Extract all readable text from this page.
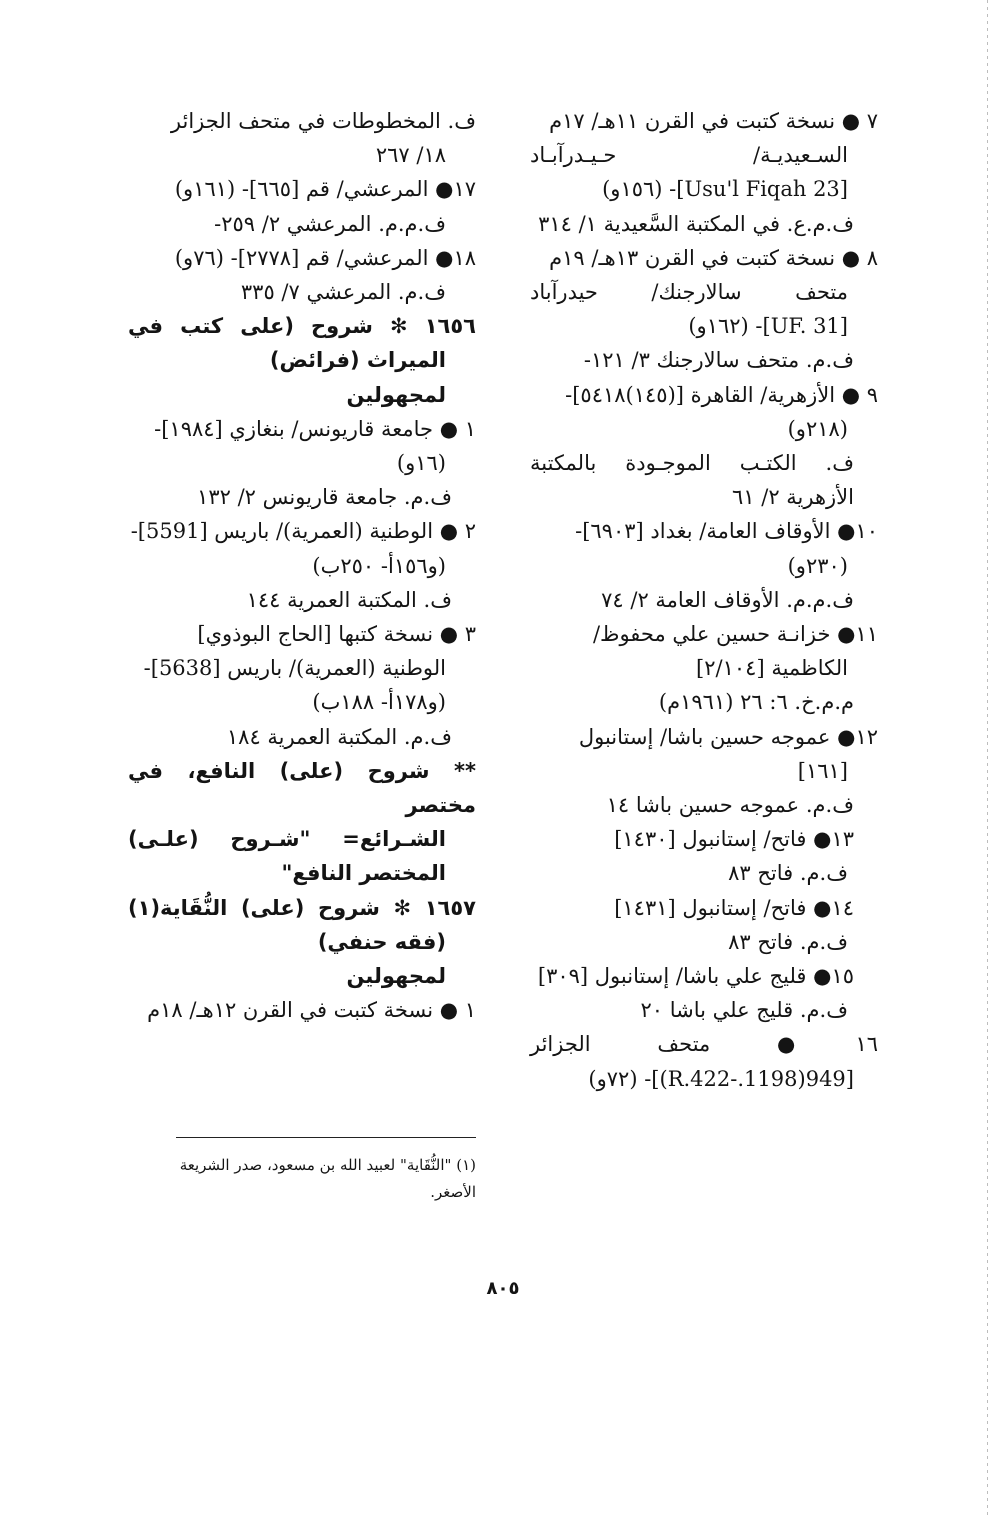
٧ ● نسخة كتبت في القرن ١١هـ/ ١٧م
السـعيديـة/ حـيـدرآبـاد
[Usu'l Fiqah 23]- (١٥٦و)
ف.م.ع. في المكتبة السَّعيدية ١/ ٣١٤
٨ ● نسخة كتبت في القرن ١٣هـ/ ١٩م
متحف سالارجنك/ حيدرآباد
[UF. 31]- (١٦٢و)
ف.م. متحف سالارجنك ٣/ ١٢١-
٩ ● الأزهرية/ القاهرة [(١٤٥)٥٤١٨]-
(٢١٨و)
ف. الكتـب الموجـودة بالمكتبة
الأزهرية ٢/ ٦١
١٠● الأوقاف العامة/ بغداد [٦٩٠٣]-
(٢٣٠و)
ف.م.م. الأوقاف العامة ٢/ ٧٤
١١● خزانـة حسين علي محفوظ/
الكاظمية [٢/١٠٤]
م.م.خ. ٦: ٢٦ (١٩٦١م)
١٢● عموجه حسين باشا/ إستانبول
[١٦١]
ف.م. عموجه حسين باشا ١٤
١٣● فاتح/ إستانبول [١٤٣٠]
ف.م. فاتح ٨٣
١٤● فاتح/ إستانبول [١٤٣١]
ف.م. فاتح ٨٣
١٥● قليج علي باشا/ إستانبول [٣٠٩]
ف.م. قليج علي باشا ٢٠
١٦● متحف الجزائر
[949(1198.-R.422)]- (٧٢و)
ف. المخطوطات في متحف الجزائر
١٨/ ٢٦٧
١٧● المرعشي/ قم [٦٦٥]- (١٦١و)
ف.م.م. المرعشي ٢/ ٢٥٩-
١٨● المرعشي/ قم [٢٧٧٨]- (٧٦و)
ف.م. المرعشي ٧/ ٣٣٥
١٦٥٦ ✻ شروح (على كتب في
الميراث (فرائض)
لمجهولين
١ ● جامعة قاريونس/ بنغازي [١٩٨٤]-
(١٦و)
ف.م. جامعة قاريونس ٢/ ١٣٢
٢ ● الوطنية (العمرية)/ باريس [5591]-
(و١٥٦أ- ٢٥٠ب)
ف. المكتبة العمرية ١٤٤
٣ ● نسخة كتبها [الحاج البوذوي]
الوطنية (العمرية)/ باريس [5638]-
(و١٧٨أ- ١٨٨ب)
ف.م. المكتبة العمرية ١٨٤
** شروح (على) النافع، في مختصر
الشـرائع= "شـروح (علـى)
المختصر النافع"
١٦٥٧ ✻ شروح (على) النُّقَاية(١)
(فقه حنفي)
لمجهولين
١ ● نسخة كتبت في القرن ١٢هـ/ ١٨م
(١) "النُّقَاية" لعبيد الله بن مسعود، صدر الشريعة
الأصغر.
٨٠٥
